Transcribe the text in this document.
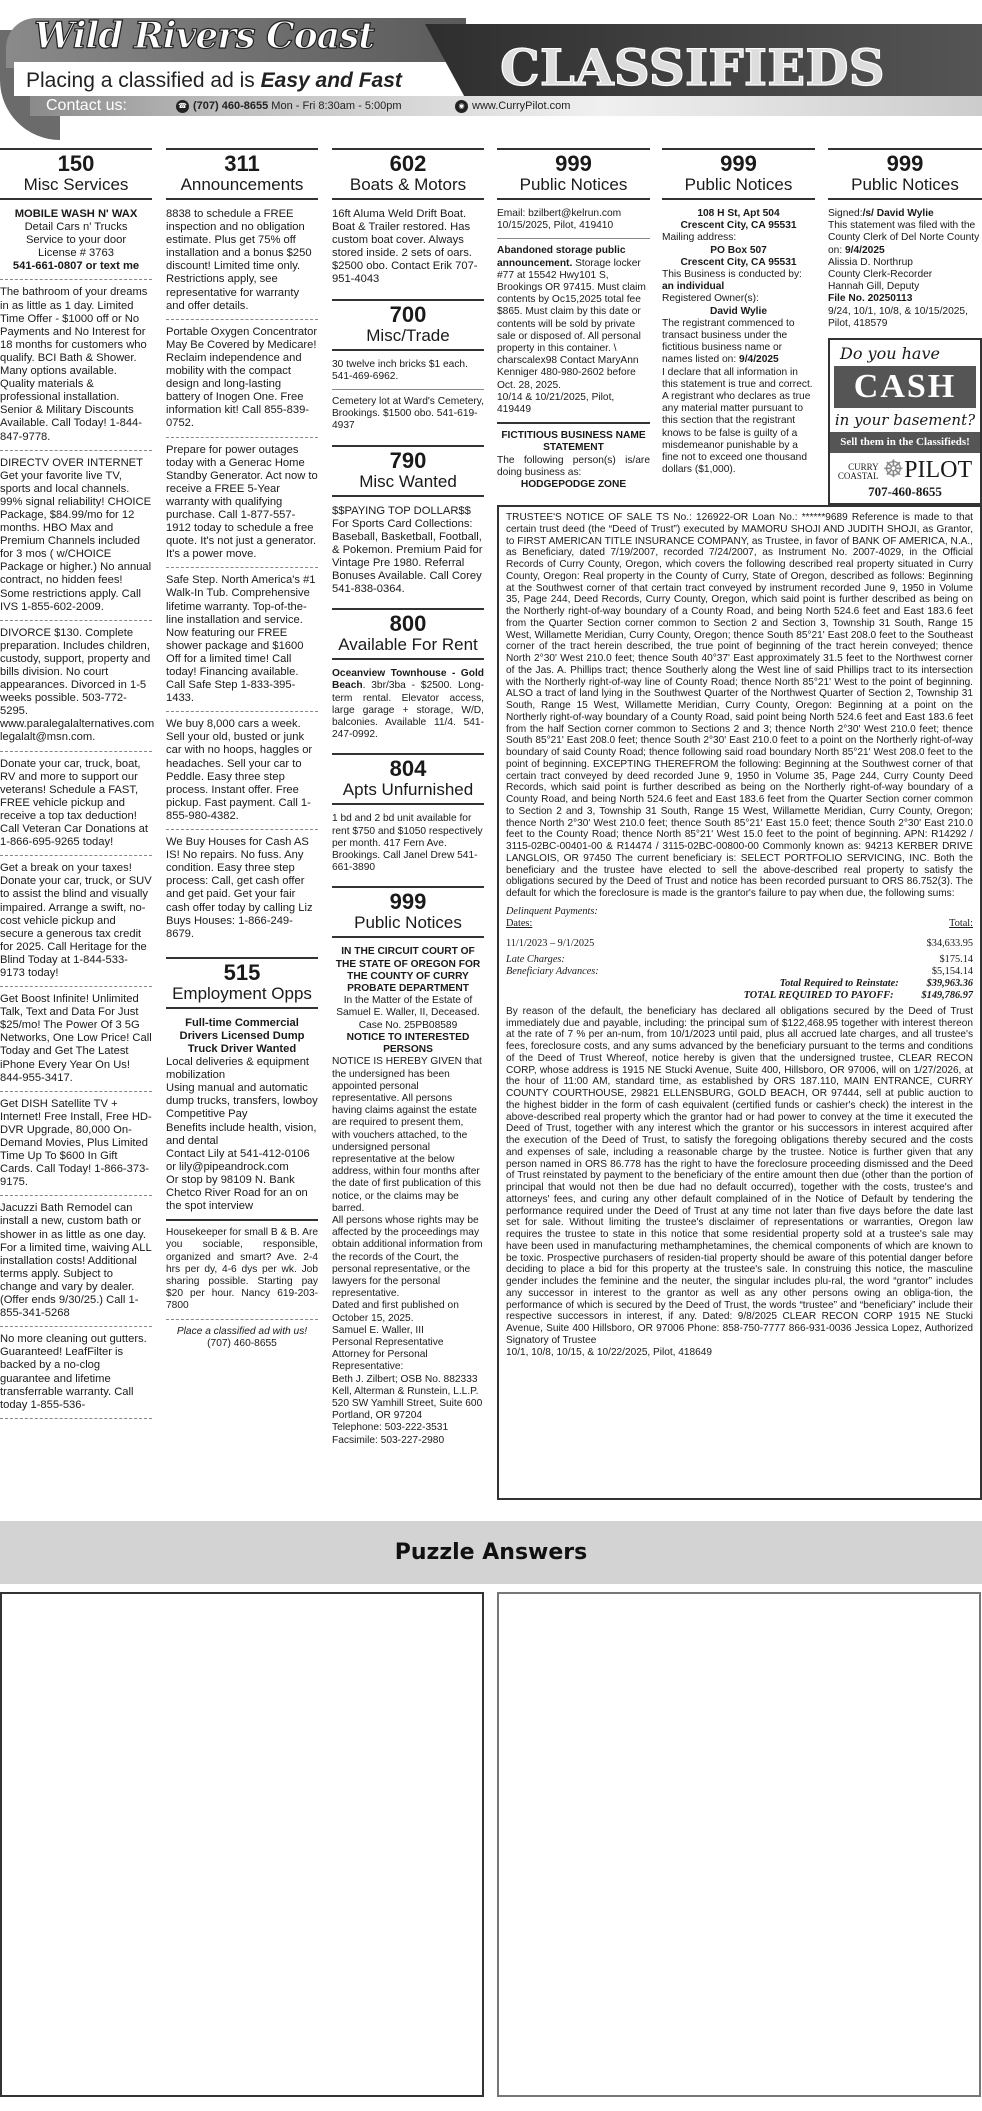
Wild Rivers Coast
CLASSIFIEDS
Placing a classified ad is Easy and Fast
Contact us:	☎ (707) 460-8655 Mon - Fri 8:30am - 5:00pm	◉ www.CurryPilot.com
150
Misc Services
MOBILE WASH N' WAX
Detail Cars n' Trucks
Service to your door
License # 3763
541-661-0807 or text me
The bathroom of your dreams in as little as 1 day. Limited Time Offer - $1000 off or No Payments and No Interest for 18 months for customers who qualify. BCI Bath & Shower. Many options available. Quality materials & professional installation. Senior & Military Discounts Available. Call Today! 1-844-847-9778.
DIRECTV OVER INTERNET Get your favorite live TV, sports and local channels. 99% signal reliability! CHOICE Package, $84.99/mo for 12 months. HBO Max and Premium Channels included for 3 mos ( w/CHOICE Package or higher.) No annual contract, no hidden fees! Some restrictions apply. Call IVS 1-855-602-2009.
DIVORCE $130. Complete preparation. Includes children, custody, support, property and bills division. No court appearances. Divorced in 1-5 weeks possible. 503-772-5295. www.paralegalalternatives.com legalalt@msn.com.
Donate your car, truck, boat, RV and more to support our veterans! Schedule a FAST, FREE vehicle pickup and receive a top tax deduction! Call Veteran Car Donations at 1-866-695-9265 today!
Get a break on your taxes! Donate your car, truck, or SUV to assist the blind and visually impaired. Arrange a swift, no-cost vehicle pickup and secure a generous tax credit for 2025. Call Heritage for the Blind Today at 1-844-533-9173 today!
Get Boost Infinite! Unlimited Talk, Text and Data For Just $25/mo! The Power Of 3 5G Networks, One Low Price! Call Today and Get The Latest iPhone Every Year On Us! 844-955-3417.
Get DISH Satellite TV + Internet! Free Install, Free HD-DVR Upgrade, 80,000 On-Demand Movies, Plus Limited Time Up To $600 In Gift Cards. Call Today! 1-866-373-9175.
Jacuzzi Bath Remodel can install a new, custom bath or shower in as little as one day. For a limited time, waiving ALL installation costs! Additional terms apply. Subject to change and vary by dealer. (Offer ends 9/30/25.) Call 1-855-341-5268
No more cleaning out gutters. Guaranteed! LeafFilter is backed by a no-clog guarantee and lifetime transferrable warranty. Call today 1-855-536-
311
Announcements
8838 to schedule a FREE inspection and no obligation estimate. Plus get 75% off installation and a bonus $250 discount! Limited time only. Restrictions apply, see representative for warranty and offer details.
Portable Oxygen Concentrator May Be Covered by Medicare! Reclaim independence and mobility with the compact design and long-lasting battery of Inogen One. Free information kit! Call 855-839-0752.
Prepare for power outages today with a Generac Home Standby Generator. Act now to receive a FREE 5-Year warranty with qualifying purchase. Call 1-877-557-1912 today to schedule a free quote. It's not just a generator. It's a power move.
Safe Step. North America's #1 Walk-In Tub. Comprehensive lifetime warranty. Top-of-the-line installation and service. Now featuring our FREE shower package and $1600 Off for a limited time! Call today! Financing available. Call Safe Step 1-833-395-1433.
We buy 8,000 cars a week. Sell your old, busted or junk car with no hoops, haggles or headaches. Sell your car to Peddle. Easy three step process. Instant offer. Free pickup. Fast payment. Call 1-855-980-4382.
We Buy Houses for Cash AS IS! No repairs. No fuss. Any condition. Easy three step process: Call, get cash offer and get paid. Get your fair cash offer today by calling Liz Buys Houses: 1-866-249-8679.
515
Employment Opps
Full-time Commercial Drivers Licensed Dump Truck Driver Wanted
Local deliveries & equipment mobilization
Using manual and automatic dump trucks, transfers, lowboy
Competitive Pay
Benefits include health, vision, and dental
Contact Lily at 541-412-0106 or lily@pipeandrock.com
Or stop by 98109 N. Bank Chetco River Road for an on the spot interview
Housekeeper for small B & B. Are you sociable, responsible, organized and smart? Ave. 2-4 hrs per dy, 4-6 dys per wk. Job sharing possible. Starting pay $20 per hour. Nancy 619-203-7800
Place a classified ad with us!
(707) 460-8655
602
Boats & Motors
16ft Aluma Weld Drift Boat. Boat & Trailer restored. Has custom boat cover. Always stored inside. 2 sets of oars. $2500 obo. Contact Erik 707-951-4043
700
Misc/Trade
30 twelve inch bricks $1 each. 541-469-6962.
Cemetery lot at Ward's Cemetery, Brookings. $1500 obo. 541-619-4937
790
Misc Wanted
$$PAYING TOP DOLLAR$$ For Sports Card Collections: Baseball, Basketball, Football, & Pokemon. Premium Paid for Vintage Pre 1980. Referral Bonuses Available. Call Corey 541-838-0364.
800
Available For Rent
Oceanview Townhouse - Gold Beach. 3br/3ba - $2500. Long-term rental. Elevator access, large garage + storage, W/D, balconies. Available 11/4. 541-247-0992.
804
Apts Unfurnished
1 bd and 2 bd unit available for rent $750 and $1050 respectively per month. 417 Fern Ave. Brookings. Call Janel Drew 541-661-3890
999
Public Notices
IN THE CIRCUIT COURT OF THE STATE OF OREGON FOR THE COUNTY OF CURRY
PROBATE DEPARTMENT
In the Matter of the Estate of Samuel E. Waller, II, Deceased.
Case No. 25PB08589
NOTICE TO INTERESTED PERSONS
NOTICE IS HEREBY GIVEN that the undersigned has been appointed personal representative. All persons having claims against the estate are required to present them, with vouchers attached, to the undersigned personal representative at the below address, within four months after the date of first publication of this notice, or the claims may be barred.
All persons whose rights may be affected by the proceedings may obtain additional information from the records of the Court, the personal representative, or the lawyers for the personal representative.
Dated and first published on October 15, 2025.
Samuel E. Waller, III
Personal Representative
Attorney for Personal Representative:
Beth J. Zilbert; OSB No. 882333
Kell, Alterman & Runstein, L.L.P.
520 SW Yamhill Street, Suite 600
Portland, OR 97204
Telephone: 503-222-3531
Facsimile: 503-227-2980
999
Public Notices
Email: bzilbert@kelrun.com
10/15/2025, Pilot, 419410
Abandoned storage public announcement. Storage locker #77 at 15542 Hwy101 S, Brookings OR 97415. Must claim contents by Oc15,2025 total fee $865. Must claim by this date or contents will be sold by private sale or disposed of. All personal property in this container. \ charscalex98 Contact MaryAnn Kenniger 480-980-2602 before Oct. 28, 2025.
10/14 & 10/21/2025, Pilot, 419449
FICTITIOUS BUSINESS NAME STATEMENT
The following person(s) is/are doing business as:
HODGEPODGE ZONE
999
Public Notices
108 H St, Apt 504
Crescent City, CA 95531
Mailing address:
PO Box 507
Crescent City, CA 95531
This Business is conducted by:
an individual
Registered Owner(s):
David Wylie
The registrant commenced to transact business under the fictitious business name or names listed on: 9/4/2025
I declare that all information in this statement is true and correct. A registrant who declares as true any material matter pursuant to this section that the registrant knows to be false is guilty of a misdemeanor punishable by a fine not to exceed one thousand dollars ($1,000).
999
Public Notices
Signed:/s/ David Wylie
This statement was filed with the County Clerk of Del Norte County on: 9/4/2025
Alissia D. Northrup
County Clerk-Recorder
Hannah Gill, Deputy
File No. 20250113
9/24, 10/1, 10/8, & 10/15/2025, Pilot, 418579
Do you have
CASH
in your basement?
Sell them in the Classifieds!
CURRY
COASTAL ☸PILOT
707-460-8655
TRUSTEE'S NOTICE OF SALE TS No.: 126922-OR Loan No.: ******9689 Reference is made to that certain trust deed (the “Deed of Trust”) executed by MAMORU SHOJI AND JUDITH SHOJI, as Grantor, to FIRST AMERICAN TITLE INSURANCE COMPANY, as Trustee, in favor of BANK OF AMERICA, N.A., as Beneficiary, dated 7/19/2007, recorded 7/24/2007, as Instrument No. 2007-4029, in the Official Records of Curry County, Oregon, which covers the following described real property situated in Curry County, Oregon: Real property in the County of Curry, State of Oregon, described as follows: Beginning at the Southwest corner of that certain tract conveyed by instrument recorded June 9, 1950 in Volume 35, Page 244, Deed Records, Curry County, Oregon, which said point is further described as being on the Northerly right-of-way boundary of a County Road, and being North 524.6 feet and East 183.6 feet from the Quarter Section corner common to Section 2 and Section 3, Township 31 South, Range 15 West, Willamette Meridian, Curry County, Oregon; thence South 85°21' East 208.0 feet to the Southeast corner of the tract herein described, the true point of beginning of the tract herein conveyed; thence North 2°30' West 210.0 feet; thence South 40°37' East approximately 31.5 feet to the Northwest corner of the Jas. A. Phillips tract; thence Southerly along the West line of said Phillips tract to its intersection with the Northerly right-of-way line of County Road; thence North 85°21' West to the point of beginning. ALSO a tract of land lying in the Southwest Quarter of the Northwest Quarter of Section 2, Township 31 South, Range 15 West, Willamette Meridian, Curry County, Oregon: Beginning at a point on the Northerly right-of-way boundary of a County Road, said point being North 524.6 feet and East 183.6 feet from the half Section corner common to Sections 2 and 3; thence North 2°30' West 210.0 feet; thence South 85°21' East 208.0 feet; thence South 2°30' East 210.0 feet to a point on the Northerly right-of-way boundary of said County Road; thence following said road boundary North 85°21' West 208.0 feet to the point of beginning. EXCEPTING THEREFROM the following: Beginning at the Southwest corner of that certain tract conveyed by deed recorded June 9, 1950 in Volume 35, Page 244, Curry County Deed Records, which said point is further described as being on the Northerly right-of-way boundary of a County Road, and being North 524.6 feet and East 183.6 feet from the Quarter Section corner common to Section 2 and 3, Township 31 South, Range 15 West, Willamette Meridian, Curry County, Oregon; thence North 2°30' West 210.0 feet; thence South 85°21' East 15.0 feet; thence South 2°30' East 210.0 feet to the County Road; thence North 85°21' West 15.0 feet to the point of beginning. APN: R14292 / 3115-02BC-00401-00 & R14474 / 3115-02BC-00800-00 Commonly known as: 94213 KERBER DRIVE LANGLOIS, OR 97450 The current beneficiary is: SELECT PORTFOLIO SERVICING, INC. Both the beneficiary and the trustee have elected to sell the above-described real property to satisfy the obligations secured by the Deed of Trust and notice has been recorded pursuant to ORS 86.752(3). The default for which the foreclosure is made is the grantor's failure to pay when due, the following sums:
Delinquent Payments:
Dates:	Total:
11/1/2023 – 9/1/2025	$34,633.95
Late Charges:	$175.14
Beneficiary Advances:	$5,154.14
Total Required to Reinstate:	$39,963.36
TOTAL REQUIRED TO PAYOFF:	$149,786.97
By reason of the default, the beneficiary has declared all obligations secured by the Deed of Trust immediately due and payable, including: the principal sum of $122,468.95 together with interest thereon at the rate of 7 % per an-num, from 10/1/2023 until paid, plus all accrued late charges, and all trustee's fees, foreclosure costs, and any sums advanced by the beneficiary pursuant to the terms and conditions of the Deed of Trust Whereof, notice hereby is given that the undersigned trustee, CLEAR RECON CORP, whose address is 1915 NE Stucki Avenue, Suite 400, Hillsboro, OR 97006, will on 1/27/2026, at the hour of 11:00 AM, standard time, as established by ORS 187.110, MAIN ENTRANCE, CURRY COUNTY COURTHOUSE, 29821 ELLENSBURG, GOLD BEACH, OR 97444, sell at public auction to the highest bidder in the form of cash equivalent (certified funds or cashier's check) the interest in the above-described real property which the grantor had or had power to convey at the time it executed the Deed of Trust, together with any interest which the grantor or his successors in interest acquired after the execution of the Deed of Trust, to satisfy the foregoing obligations thereby secured and the costs and expenses of sale, including a reasonable charge by the trustee. Notice is further given that any person named in ORS 86.778 has the right to have the foreclosure proceeding dismissed and the Deed of Trust reinstated by payment to the beneficiary of the entire amount then due (other than the portion of principal that would not then be due had no default occurred), together with the costs, trustee's and attorneys' fees, and curing any other default complained of in the Notice of Default by tendering the performance required under the Deed of Trust at any time not later than five days before the date last set for sale. Without limiting the trustee's disclaimer of representations or warranties, Oregon law requires the trustee to state in this notice that some residential property sold at a trustee's sale may have been used in manufacturing methamphetamines, the chemical components of which are known to be toxic. Prospective purchasers of residen-tial property should be aware of this potential danger before deciding to place a bid for this property at the trustee's sale. In construing this notice, the masculine gender includes the feminine and the neuter, the singular includes plu-ral, the word “grantor” includes any successor in interest to the grantor as well as any other persons owing an obliga-tion, the performance of which is secured by the Deed of Trust, the words “trustee” and “beneficiary” include their respective successors in interest, if any. Dated: 9/8/2025 CLEAR RECON CORP 1915 NE Stucki Avenue, Suite 400 Hillsboro, OR 97006 Phone: 858-750-7777 866-931-0036 Jessica Lopez, Authorized Signatory of Trustee
10/1, 10/8, 10/15, & 10/22/2025, Pilot, 418649
Puzzle Answers
